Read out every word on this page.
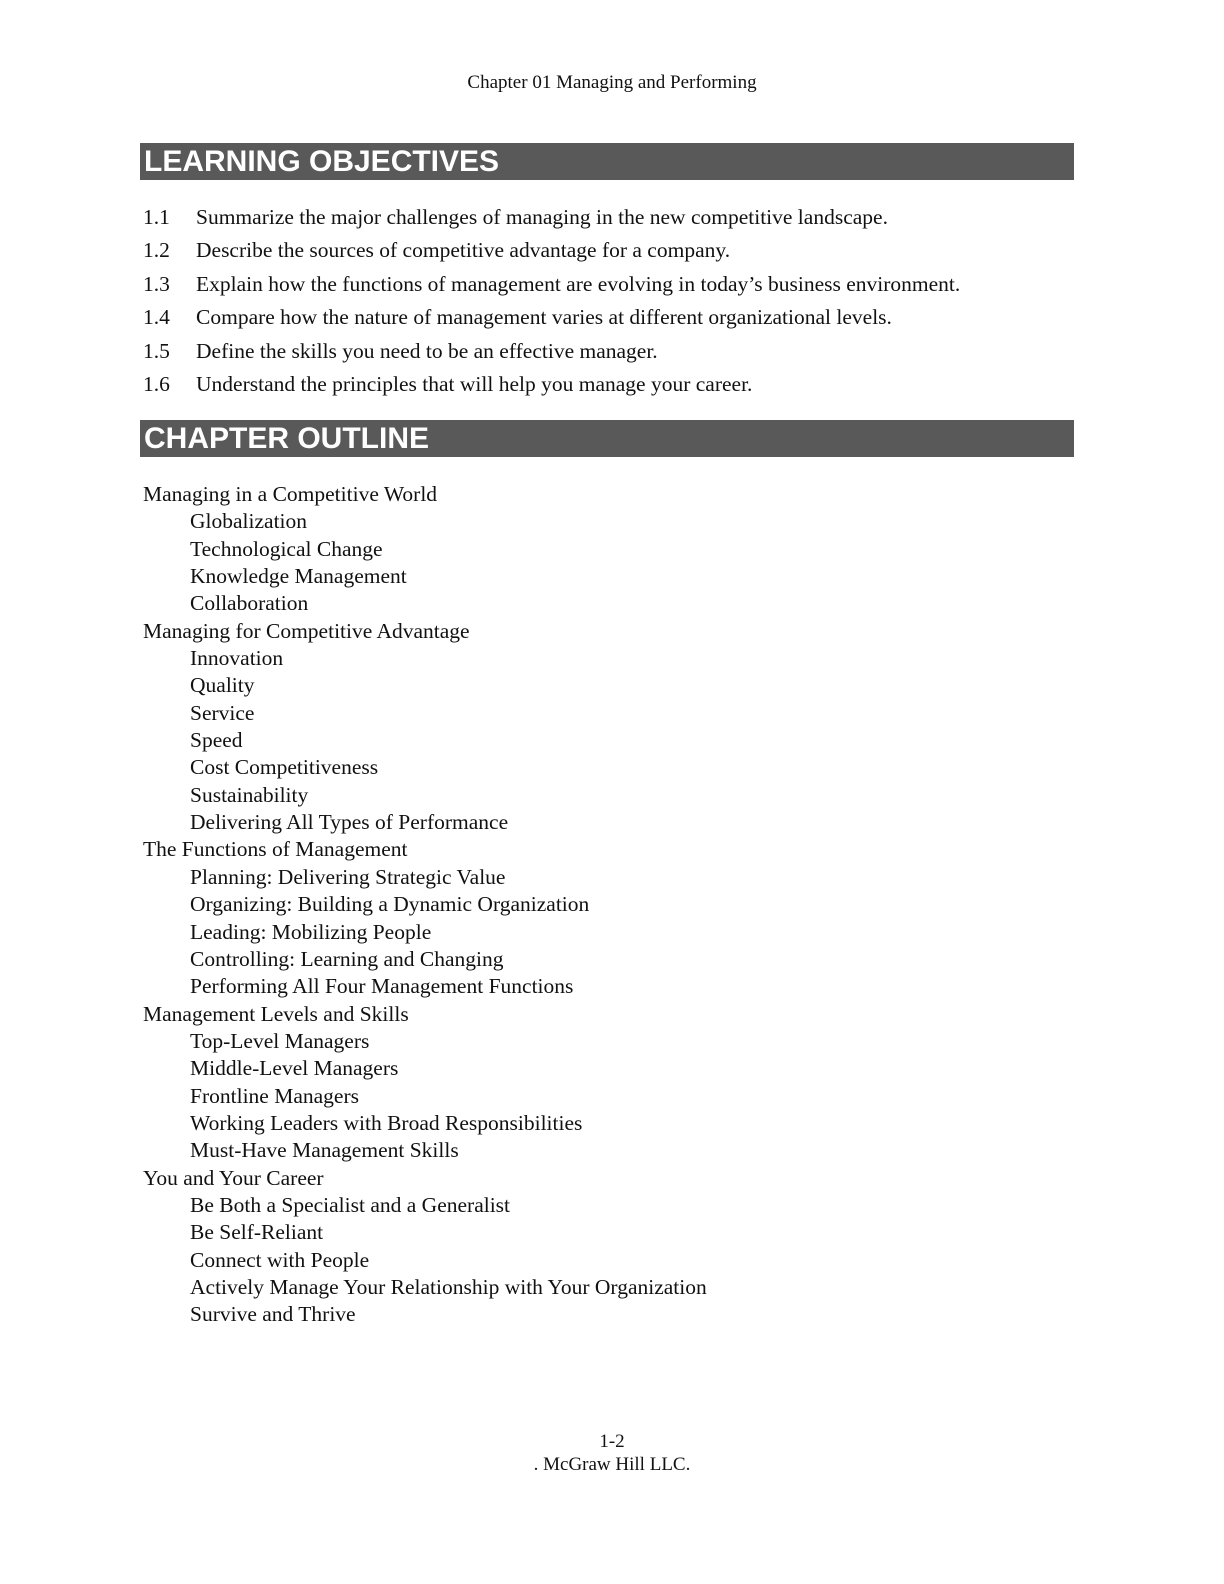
Chapter 01 Managing and Performing
LEARNING OBJECTIVES
1.1 Summarize the major challenges of managing in the new competitive landscape.
1.2 Describe the sources of competitive advantage for a company.
1.3 Explain how the functions of management are evolving in today’s business environment.
1.4 Compare how the nature of management varies at different organizational levels.
1.5 Define the skills you need to be an effective manager.
1.6 Understand the principles that will help you manage your career.
CHAPTER OUTLINE
Managing in a Competitive World
Globalization
Technological Change
Knowledge Management
Collaboration
Managing for Competitive Advantage
Innovation
Quality
Service
Speed
Cost Competitiveness
Sustainability
Delivering All Types of Performance
The Functions of Management
Planning: Delivering Strategic Value
Organizing: Building a Dynamic Organization
Leading: Mobilizing People
Controlling: Learning and Changing
Performing All Four Management Functions
Management Levels and Skills
Top-Level Managers
Middle-Level Managers
Frontline Managers
Working Leaders with Broad Responsibilities
Must-Have Management Skills
You and Your Career
Be Both a Specialist and a Generalist
Be Self-Reliant
Connect with People
Actively Manage Your Relationship with Your Organization
Survive and Thrive
1-2
. McGraw Hill LLC.
